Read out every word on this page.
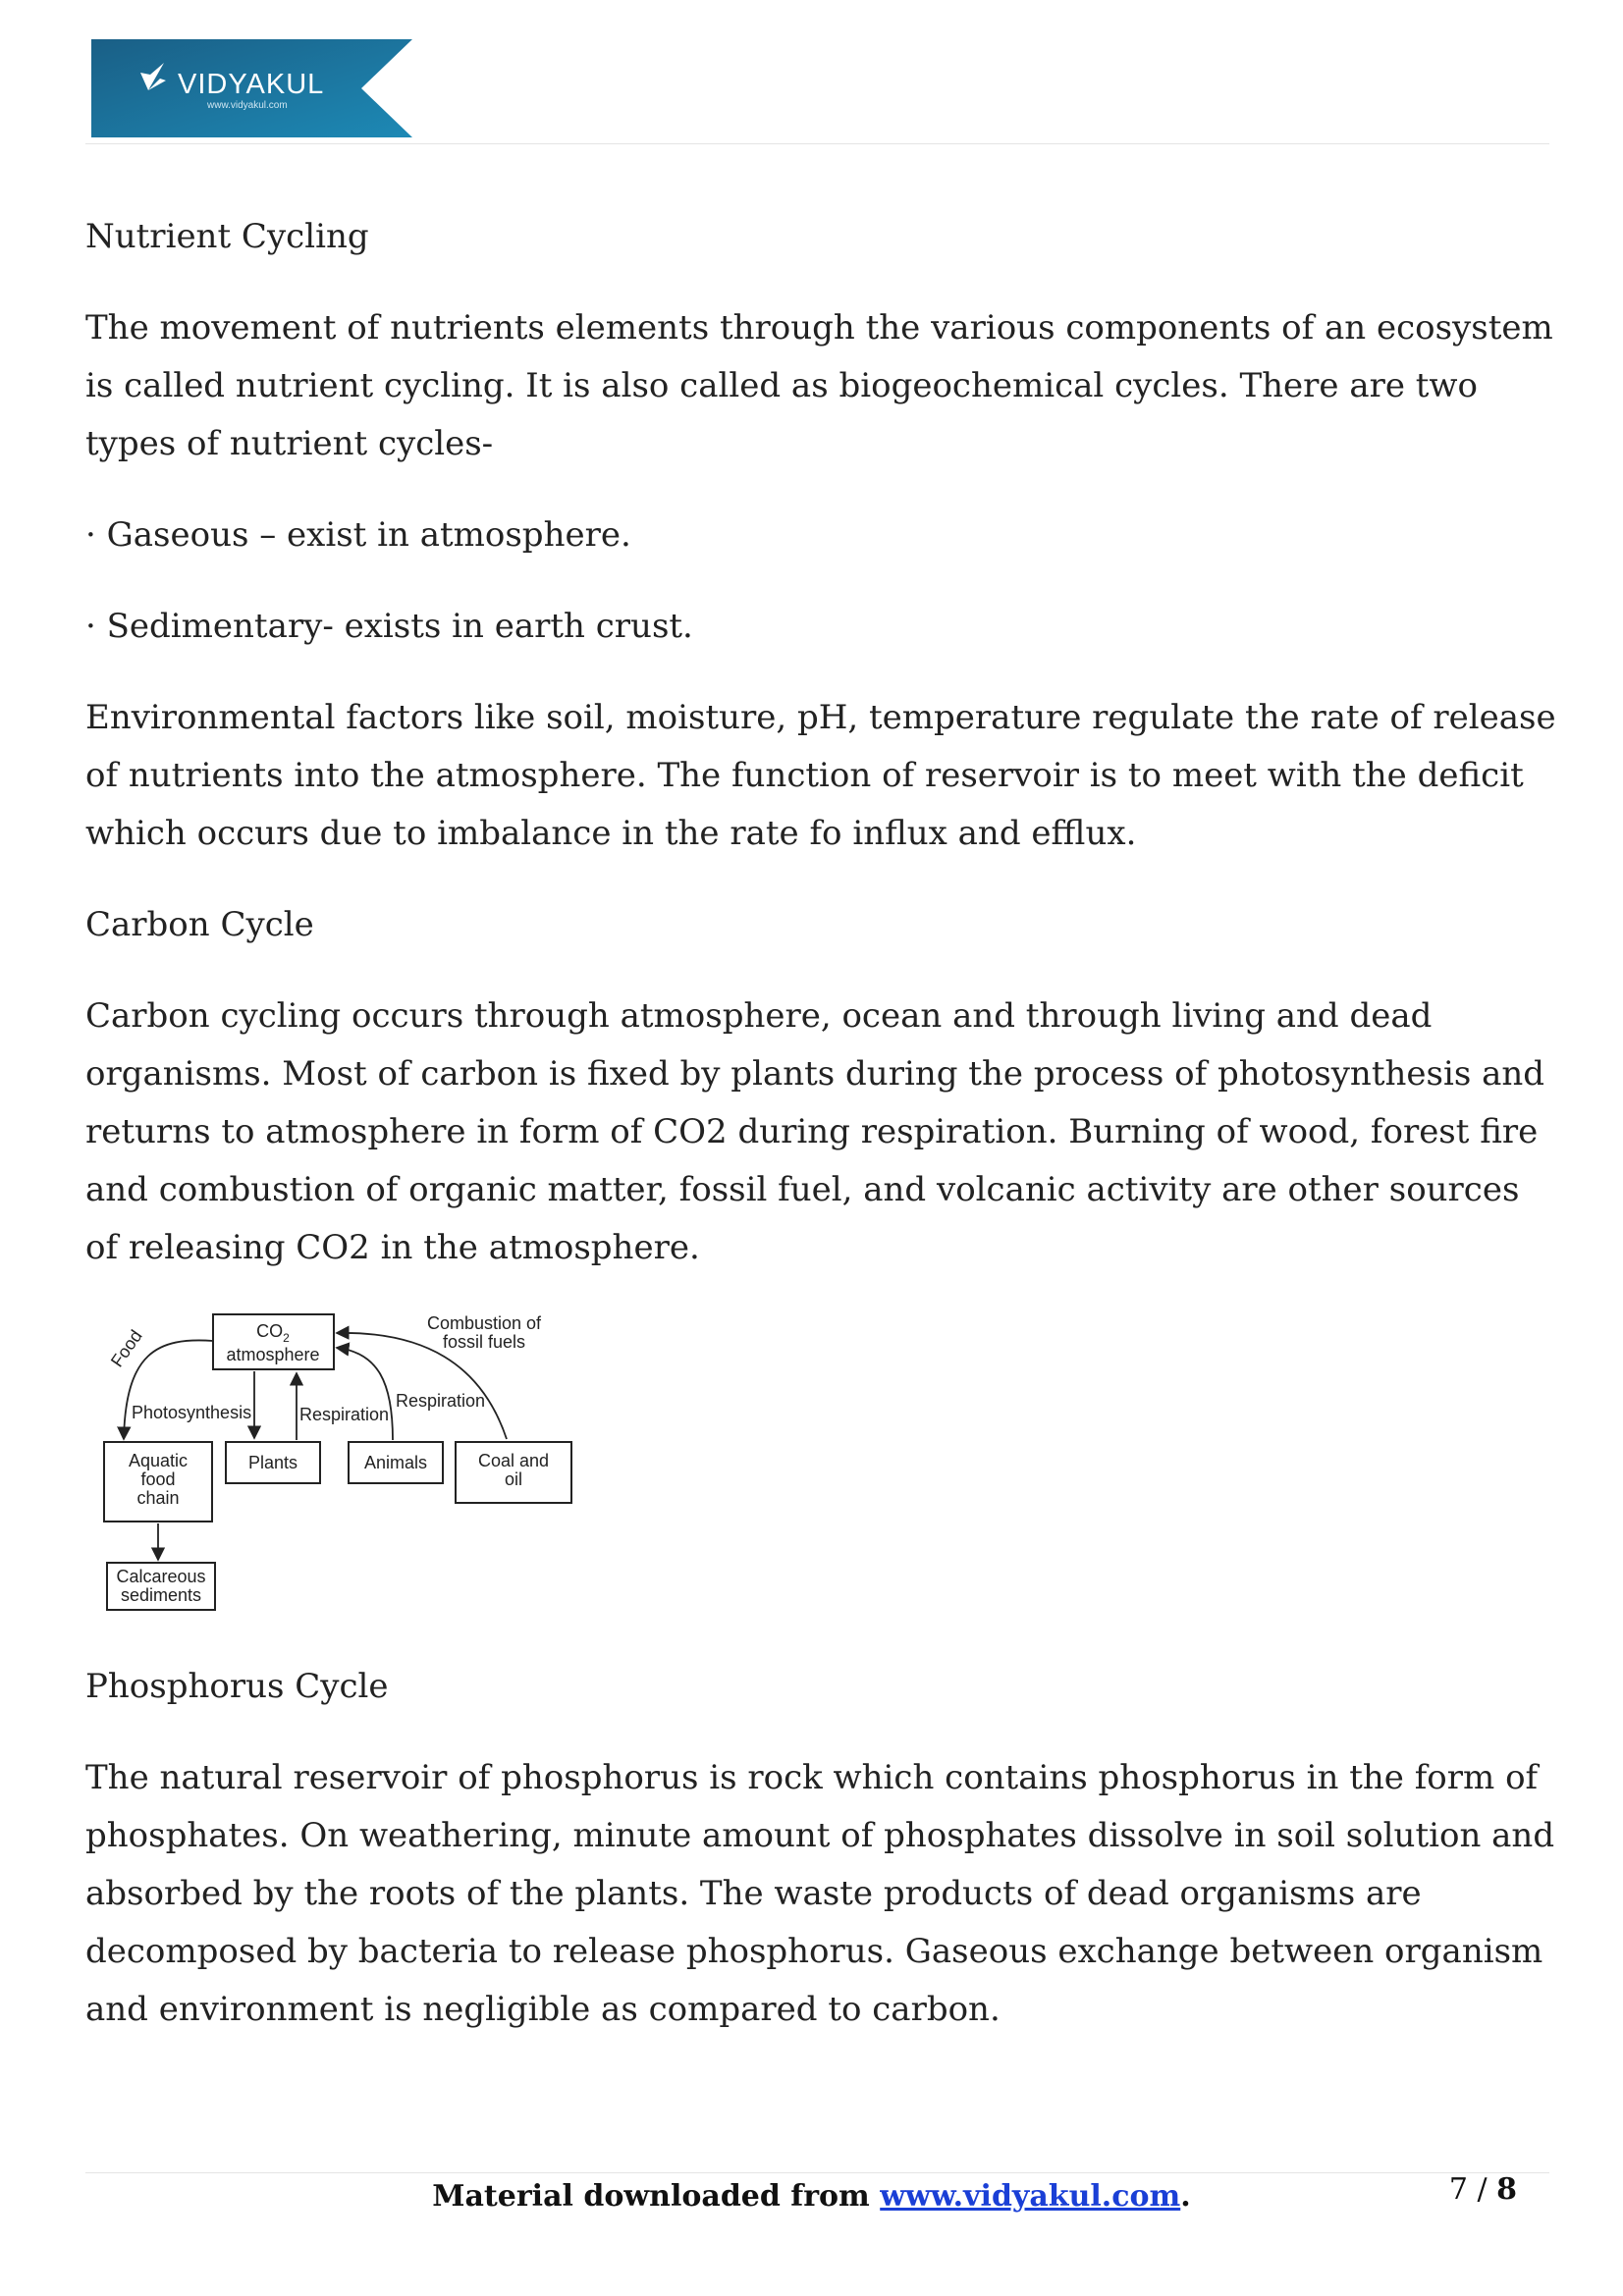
VIDYAKUL
www.vidyakul.com

Nutrient Cycling

The movement of nutrients elements through the various components of an ecosystem is called nutrient cycling. It is also called as biogeochemical cycles. There are two types of nutrient cycles-

· Gaseous – exist in atmosphere.

· Sedimentary- exists in earth crust.

Environmental factors like soil, moisture, pH, temperature regulate the rate of release of nutrients into the atmosphere. The function of reservoir is to meet with the deficit which occurs due to imbalance in the rate fo influx and efflux.

Carbon Cycle

Carbon cycling occurs through atmosphere, ocean and through living and dead organisms. Most of carbon is fixed by plants during the process of photosynthesis and returns to atmosphere in form of CO2 during respiration. Burning of wood, forest fire and combustion of organic matter, fossil fuel, and volcanic activity are other sources of releasing CO2 in the atmosphere.

$CO_2$
atmosphere
Aquatic
food
chain
Plants	Animals	Coal and
oil
Calcareous
sediments
Food
Photosynthesis	Respiration
Respiration
Combustion of
fossil fuels

Phosphorus Cycle

The natural reservoir of phosphorus is rock which contains phosphorus in the form of phosphates. On weathering, minute amount of phosphates dissolve in soil solution and absorbed by the roots of the plants. The waste products of dead organisms are decomposed by bacteria to release phosphorus. Gaseous exchange between organism and environment is negligible as compared to carbon.

Material downloaded from www.vidyakul.com.	7 / 8
